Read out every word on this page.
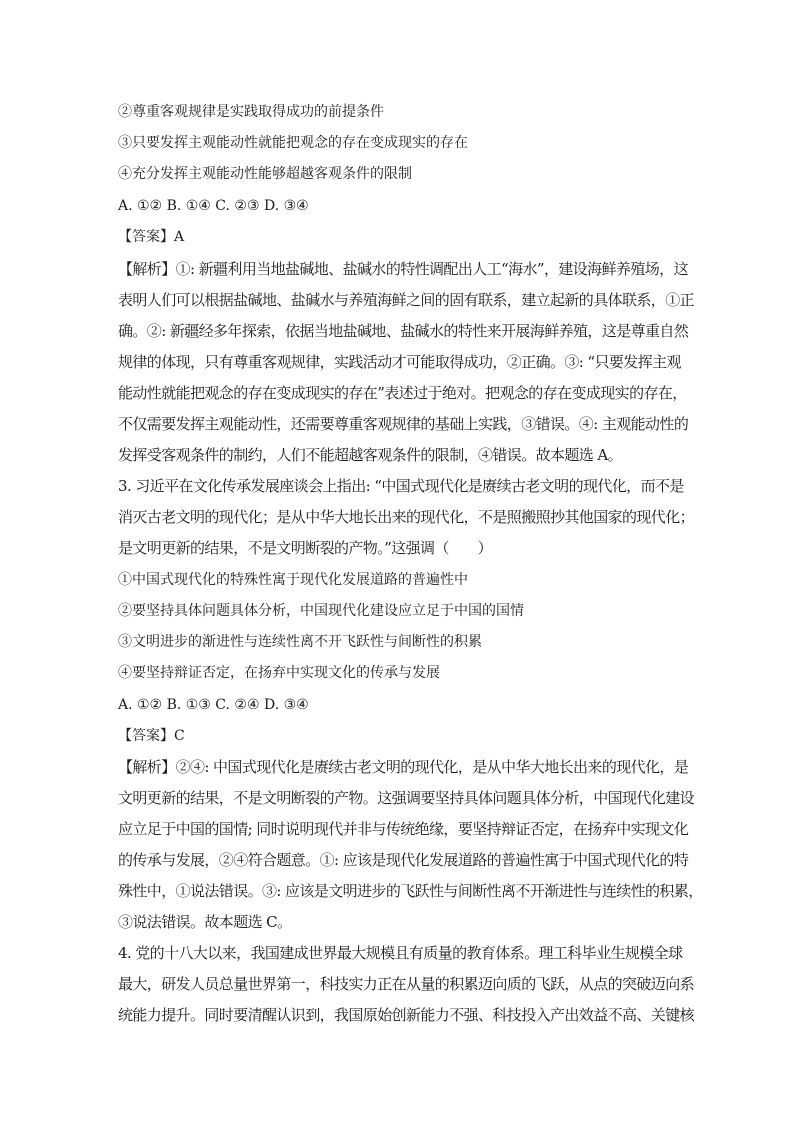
②尊重客观规律是实践取得成功的前提条件
③只要发挥主观能动性就能把观念的存在变成现实的存在
④充分发挥主观能动性能够超越客观条件的限制
A. ①② B. ①④ C. ②③ D. ③④
【答案】A
【解析】①: 新疆利用当地盐碱地、盐碱水的特性调配出人工“海水”，建设海鲜养殖场，这
表明人们可以根据盐碱地、盐碱水与养殖海鲜之间的固有联系，建立起新的具体联系，①正
确。②: 新疆经多年探索，依据当地盐碱地、盐碱水的特性来开展海鲜养殖，这是尊重自然
规律的体现，只有尊重客观规律，实践活动才可能取得成功，②正确。③: “只要发挥主观
能动性就能把观念的存在变成现实的存在”表述过于绝对。把观念的存在变成现实的存在，
不仅需要发挥主观能动性，还需要尊重客观规律的基础上实践，③错误。④: 主观能动性的
发挥受客观条件的制约，人们不能超越客观条件的限制，④错误。故本题选 A。
3. 习近平在文化传承发展座谈会上指出: “中国式现代化是赓续古老文明的现代化，而不是
消灭古老文明的现代化；是从中华大地长出来的现代化，不是照搬照抄其他国家的现代化；
是文明更新的结果，不是文明断裂的产物。”这强调（　　）
①中国式现代化的特殊性寓于现代化发展道路的普遍性中
②要坚持具体问题具体分析，中国现代化建设应立足于中国的国情
③文明进步的渐进性与连续性离不开飞跃性与间断性的积累
④要坚持辩证否定，在扬弃中实现文化的传承与发展
A. ①② B. ①③ C. ②④ D. ③④
【答案】C
【解析】②④: 中国式现代化是赓续古老文明的现代化，是从中华大地长出来的现代化，是
文明更新的结果，不是文明断裂的产物。这强调要坚持具体问题具体分析，中国现代化建设
应立足于中国的国情; 同时说明现代并非与传统绝缘，要坚持辩证否定，在扬弃中实现文化
的传承与发展，②④符合题意。①: 应该是现代化发展道路的普遍性寓于中国式现代化的特
殊性中，①说法错误。③: 应该是文明进步的飞跃性与间断性离不开渐进性与连续性的积累，
③说法错误。故本题选 C。
4. 党的十八大以来，我国建成世界最大规模且有质量的教育体系。理工科毕业生规模全球
最大，研发人员总量世界第一，科技实力正在从量的积累迈向质的飞跃，从点的突破迈向系
统能力提升。同时要清醒认识到，我国原始创新能力不强、科技投入产出效益不高、关键核
